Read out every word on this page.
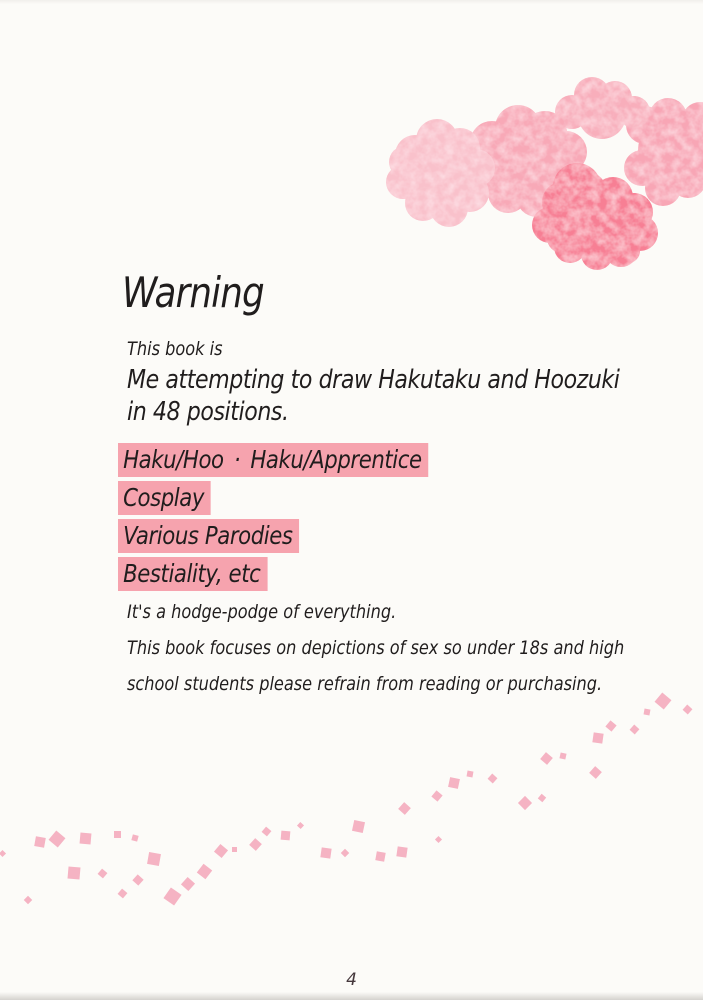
Warning
This book is
Me attempting to draw Hakutaku and Hoozuki
in 48 positions.
Haku/Hoo · Haku/Apprentice
Cosplay
Various Parodies
Bestiality, etc
It's a hodge-podge of everything.
This book focuses on depictions of sex so under 18s and high
school students please refrain from reading or purchasing.
4
